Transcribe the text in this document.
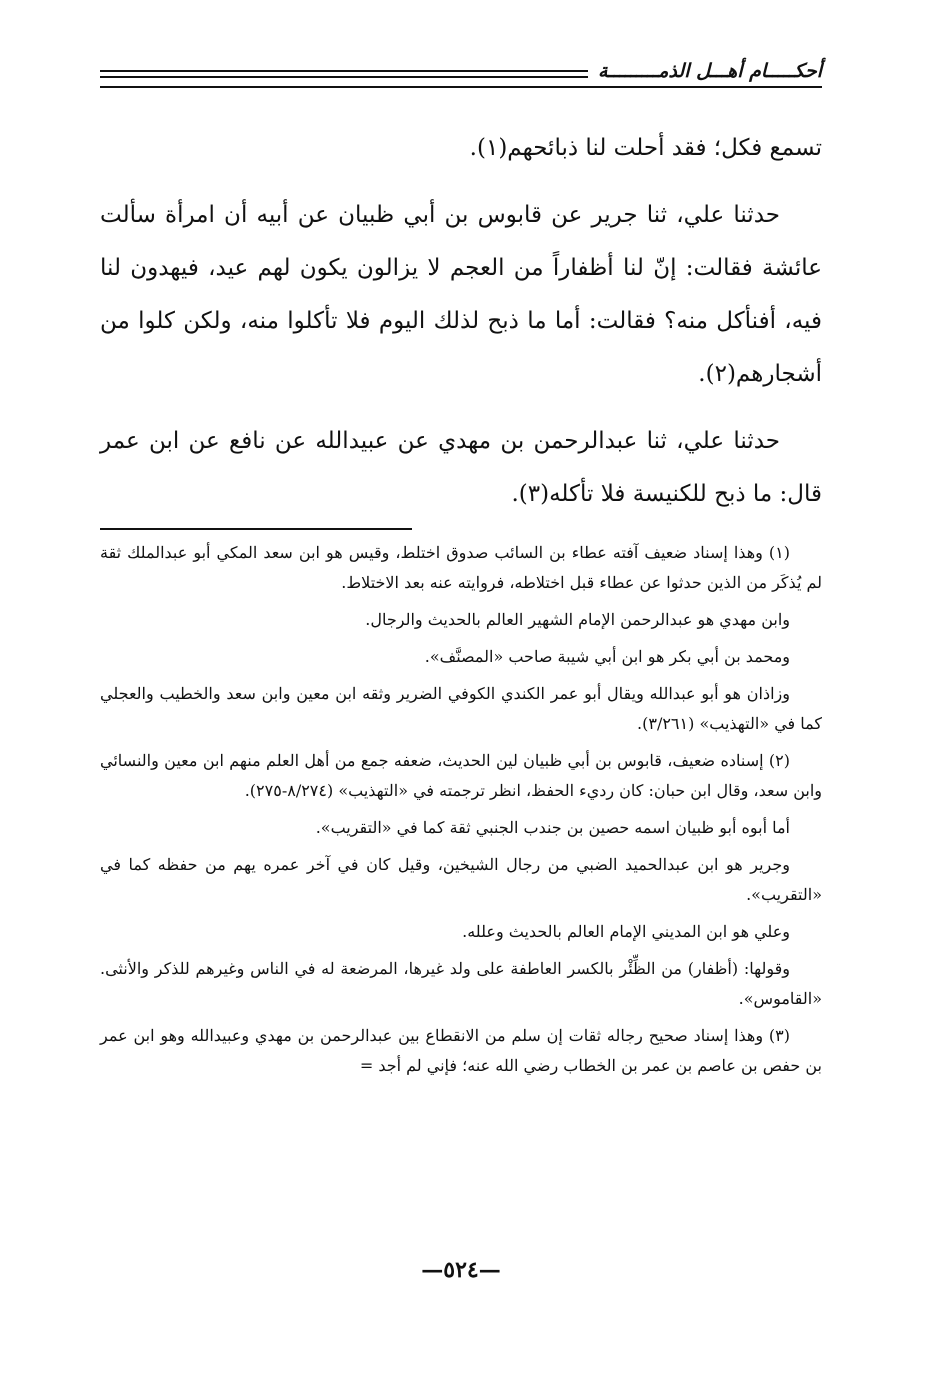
أحكـــــام أهـــل الذمـــــــــة

تسمع فكل؛ فقد أحلت لنا ذبائحهم(١).

حدثنا علي، ثنا جرير عن قابوس بن أبي ظبيان عن أبيه أن امرأة سألت عائشة فقالت: إنّ لنا أظفاراً من العجم لا يزالون يكون لهم عيد، فيهدون لنا فيه، أفنأكل منه؟ فقالت: أما ما ذبح لذلك اليوم فلا تأكلوا منه، ولكن كلوا من أشجارهم(٢).

حدثنا علي، ثنا عبدالرحمن بن مهدي عن عبيدالله عن نافع عن ابن عمر قال: ما ذبح للكنيسة فلا تأكله(٣).

(١) وهذا إسناد ضعيف آفته عطاء بن السائب صدوق اختلط، وقيس هو ابن سعد المكي أبو عبدالملك ثقة لم يُذكَر من الذين حدثوا عن عطاء قبل اختلاطه، فروايته عنه بعد الاختلاط.

وابن مهدي هو عبدالرحمن الإمام الشهير العالم بالحديث والرجال.

ومحمد بن أبي بكر هو ابن أبي شيبة صاحب «المصنَّف».

وزاذان هو أبو عبدالله ويقال أبو عمر الكندي الكوفي الضرير وثقه ابن معين وابن سعد والخطيب والعجلي كما في «التهذيب» (٣/٢٦١).

(٢) إسناده ضعيف، قابوس بن أبي ظبيان لين الحديث، ضعفه جمع من أهل العلم منهم ابن معين والنسائي وابن سعد، وقال ابن حبان: كان رديء الحفظ، انظر ترجمته في «التهذيب» (٨/٢٧٤-٢٧٥).

أما أبوه أبو ظبيان اسمه حصين بن جندب الجنبي ثقة كما في «التقريب».

وجرير هو ابن عبدالحميد الضبي من رجال الشيخين، وقيل كان في آخر عمره يهم من حفظه كما في «التقريب».

وعلي هو ابن المديني الإمام العالم بالحديث وعلله.

وقولها: (أظفار) من الظِّئْر بالكسر العاطفة على ولد غيرها، المرضعة له في الناس وغيرهم للذكر والأنثى. «القاموس».

(٣) وهذا إسناد صحيح رجاله ثقات إن سلم من الانقطاع بين عبدالرحمن بن مهدي وعبيدالله وهو ابن عمر بن حفص بن عاصم بن عمر بن الخطاب رضي الله عنه؛ فإني لم أجد =

—٥٢٤—
